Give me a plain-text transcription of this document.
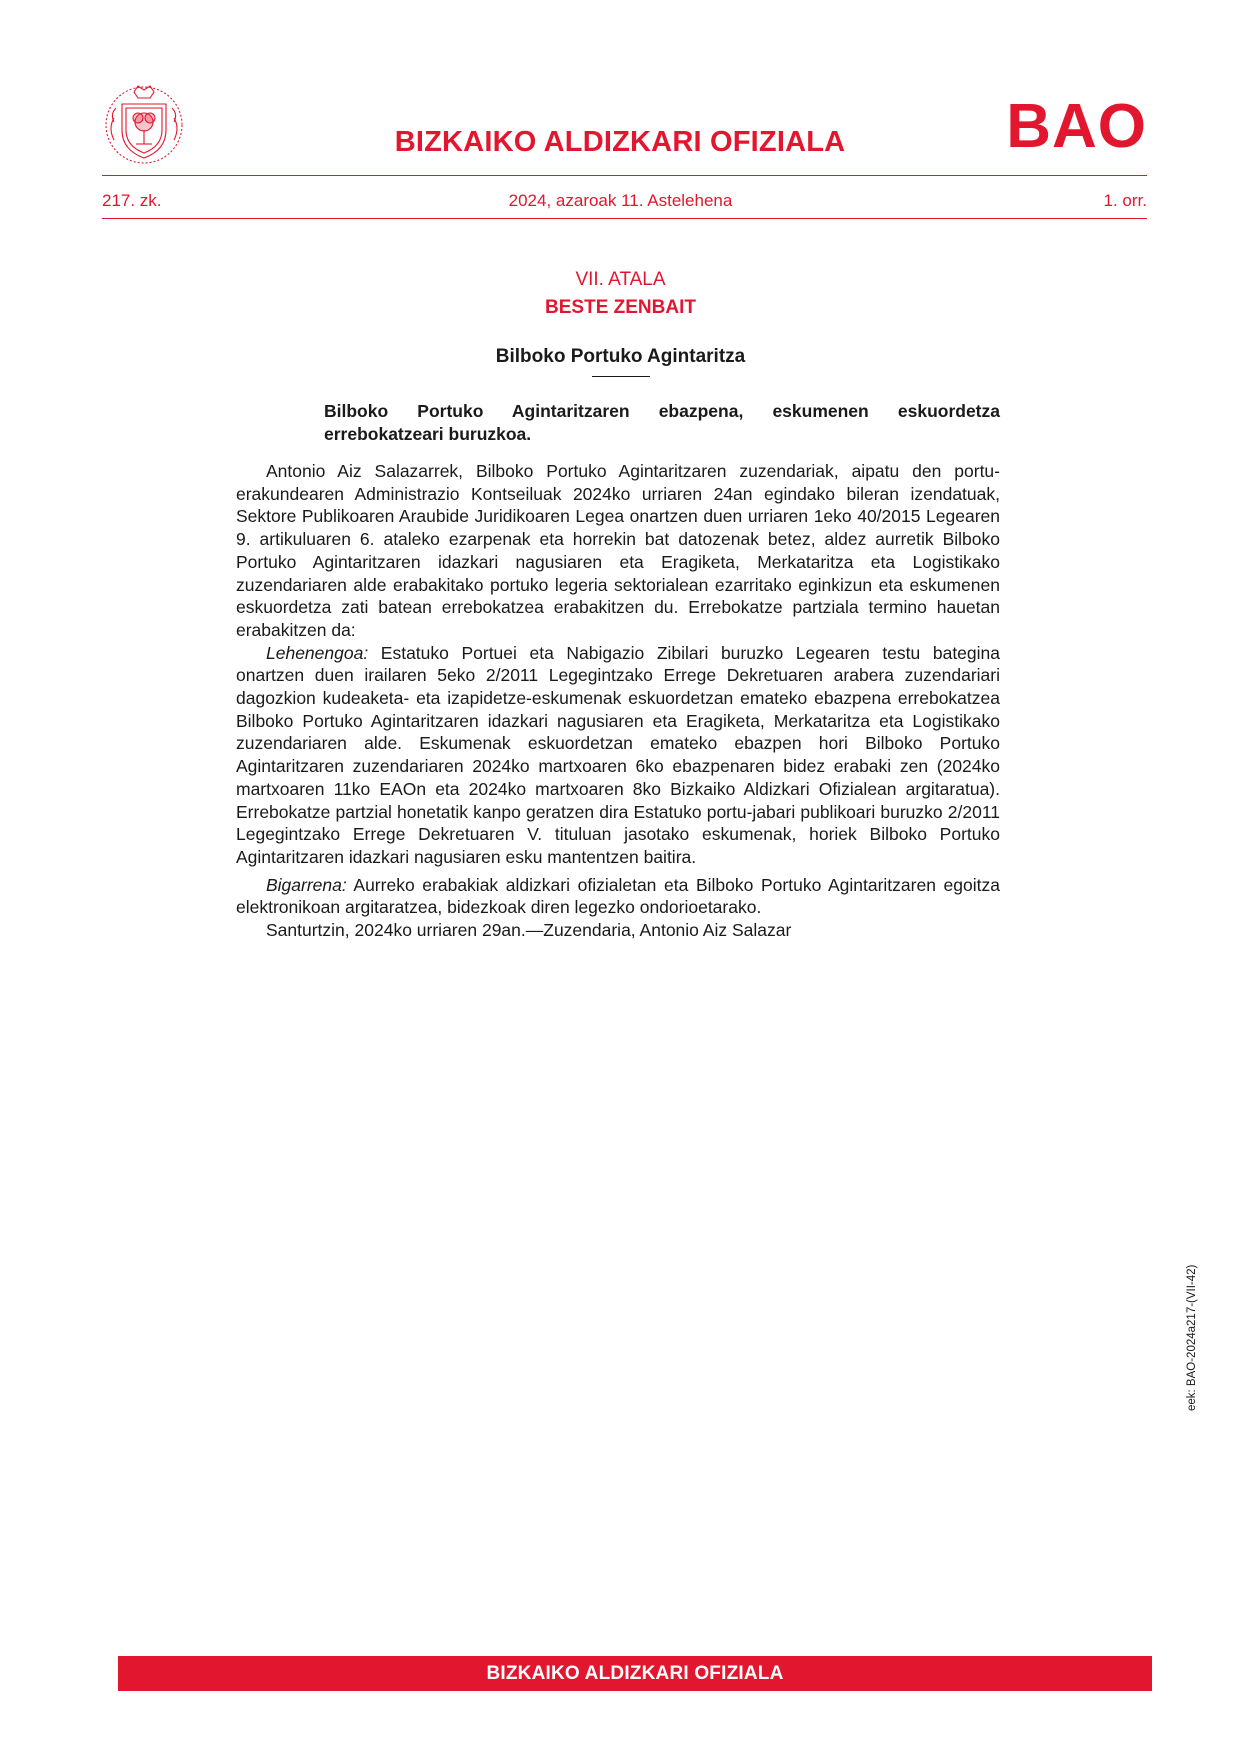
BIZKAIKO ALDIZKARI OFIZIALA	BAO
217. zk.	2024, azaroak 11. Astelehena	1. orr.
VII. ATALA
BESTE ZENBAIT
Bilboko Portuko Agintaritza
Bilboko Portuko Agintaritzaren ebazpena, eskumenen eskuordetza errebokatzeari buruzkoa.

Antonio Aiz Salazarrek, Bilboko Portuko Agintaritzaren zuzendariak, aipatu den portu-erakundearen Administrazio Kontseiluak 2024ko urriaren 24an egindako bileran izendatuak, Sektore Publikoaren Araubide Juridikoaren Legea onartzen duen urriaren 1eko 40/2015 Legearen 9. artikuluaren 6. ataleko ezarpenak eta horrekin bat datozenak betez, aldez aurretik Bilboko Portuko Agintaritzaren idazkari nagusiaren eta Eragiketa, Merkataritza eta Logistikako zuzendariaren alde erabakitako portuko legeria sektorialean ezarritako eginkizun eta eskumenen eskuordetza zati batean errebokatzea erabakitzen du. Errebokatze partziala termino hauetan erabakitzen da:

Lehenengoa: Estatuko Portuei eta Nabigazio Zibilari buruzko Legearen testu bategina onartzen duen irailaren 5eko 2/2011 Legegintzako Errege Dekretuaren arabera zuzendariari dagozkion kudeaketa- eta izapidetze-eskumenak eskuordetzan emateko ebazpena errebokatzea Bilboko Portuko Agintaritzaren idazkari nagusiaren eta Eragiketa, Merkataritza eta Logistikako zuzendariaren alde. Eskumenak eskuordetzan emateko ebazpen hori Bilboko Portuko Agintaritzaren zuzendariaren 2024ko martxoaren 6ko ebazpenaren bidez erabaki zen (2024ko martxoaren 11ko EAOn eta 2024ko martxoaren 8ko Bizkaiko Aldizkari Ofizialean argitaratua). Errebokatze partzial honetatik kanpo geratzen dira Estatuko portu-jabari publikoari buruzko 2/2011 Legegintzako Errege Dekretuaren V. tituluan jasotako eskumenak, horiek Bilboko Portuko Agintaritzaren idazkari nagusiaren esku mantentzen baitira.

Bigarrena: Aurreko erabakiak aldizkari ofizialetan eta Bilboko Portuko Agintaritzaren egoitza elektronikoan argitaratzea, bidezkoak diren legezko ondorioetarako.

Santurtzin, 2024ko urriaren 29an.—Zuzendaria, Antonio Aiz Salazar

eek: BAO-2024a217-(VII-42)
BIZKAIKO ALDIZKARI OFIZIALA
